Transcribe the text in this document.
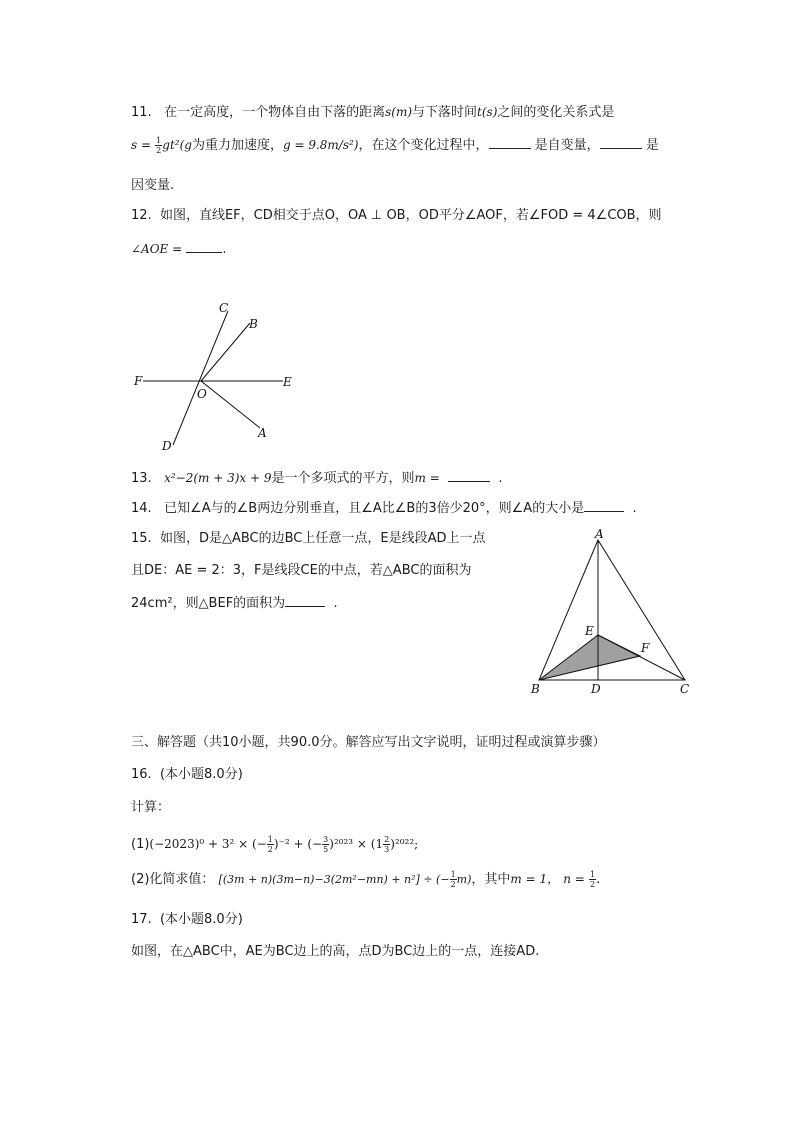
11. 在一定高度，一个物体自由下落的距离s(m)与下落时间t(s)之间的变化关系式是
$s = \frac{1}{2} gt^2(g$为重力加速度，g = 9.8m/s²)，在这个变化过程中，	是自变量，	是
因变量.
12. 如图，直线EF，CD相交于点O，OA ⊥ OB，OD平分∠AOF，若∠FOD = 4∠COB，则
∠AOE =	.
C
B
F
O
E
D
A
13. x²−2(m + 3)x + 9是一个多项式的平方，则m =	.
14. 已知∠A与的∠B两边分别垂直，且∠A比∠B的3倍少20°，则∠A的大小是	.
15. 如图，D是△ABC的边BC上任意一点，E是线段AD上一点
且DE：AE = 2：3，F是线段CE的中点，若△ABC的面积为
24cm²，则△BEF的面积为	.
A
E
F
B	D	C
三、解答题（共10小题，共90.0分。解答应写出文字说明，证明过程或演算步骤）
16. (本小题8.0分)
计算：
(1)(−2023)⁰ + 3² × (− $\frac{1}{2} )^{-2}$ + (− $\frac{3}{5} )^{2023} \times (1 \frac{2}{3} )^{2022}$;
(2)化简求值： [(3m + n)(3m−n)−3(2m²−mn) + n²] ÷ (− $\frac{1}{2} m$)，其中m = 1， $n = \frac{1}{2}$ .
17. (本小题8.0分)
如图，在△ABC中，AE为BC边上的高，点D为BC边上的一点，连接AD.
